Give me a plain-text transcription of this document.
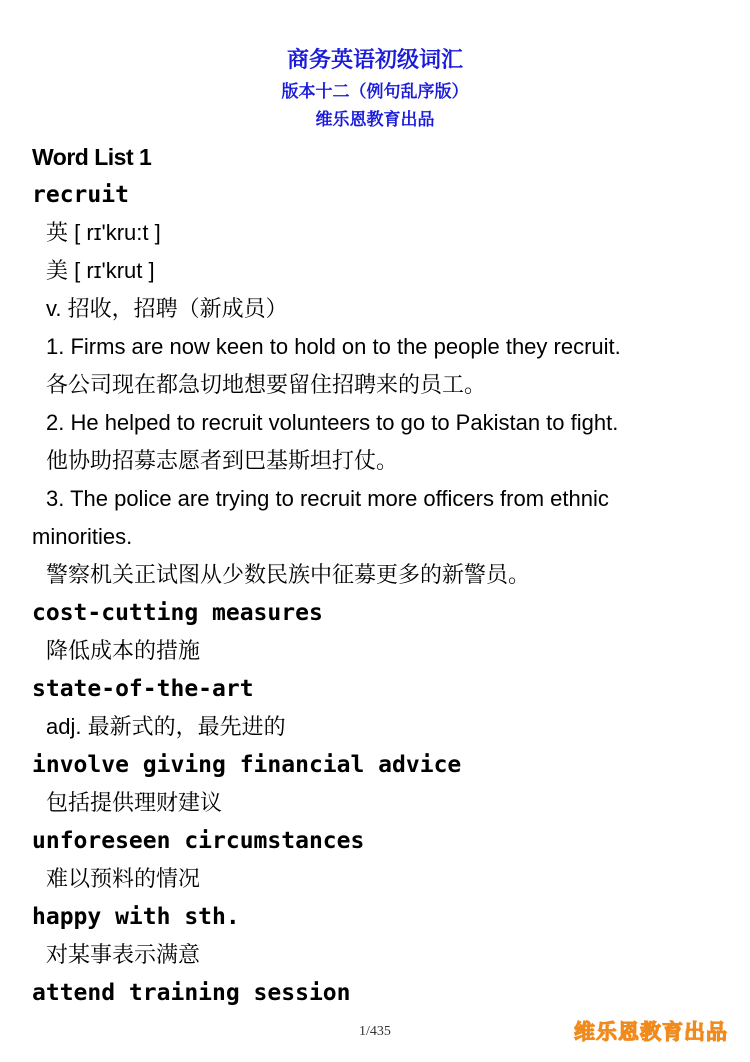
商务英语初级词汇
版本十二（例句乱序版）
维乐恩教育出品
Word List 1
recruit
英 [ rɪ'kru:t ]
美 [ rɪ'krut ]
v. 招收，招聘（新成员）
1. Firms are now keen to hold on to the people they recruit.
各公司现在都急切地想要留住招聘来的员工。
2. He helped to recruit volunteers to go to Pakistan to fight.
他协助招募志愿者到巴基斯坦打仗。
3. The police are trying to recruit more officers from ethnic
minorities.
警察机关正试图从少数民族中征募更多的新警员。
cost-cutting measures
降低成本的措施
state-of-the-art
adj. 最新式的，最先进的
involve giving financial advice
包括提供理财建议
unforeseen circumstances
难以预料的情况
happy with sth.
对某事表示满意
attend training session
1/435	维乐恩教育出品
